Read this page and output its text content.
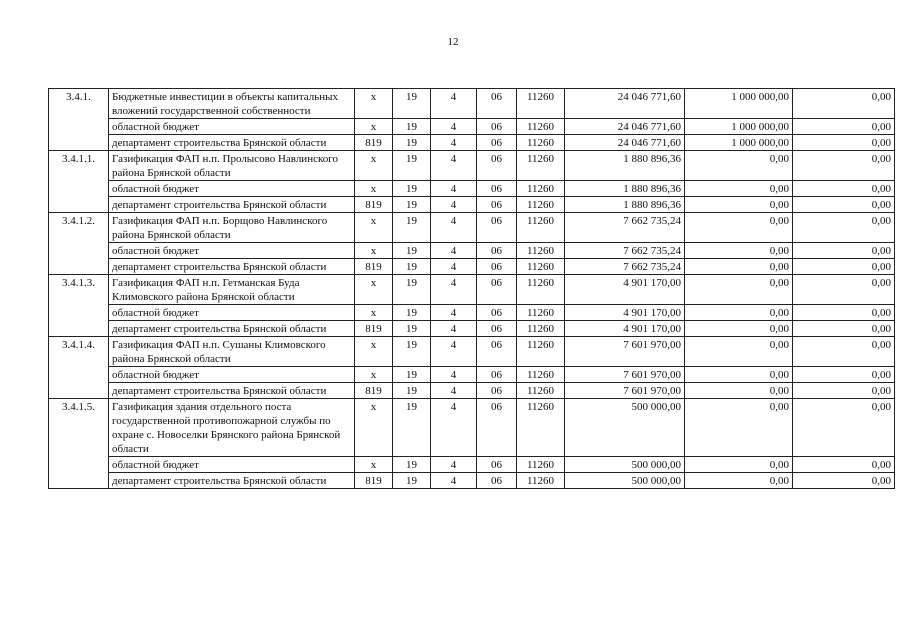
12
3.4.1.	Бюджетные инвестиции в объекты капитальных вложений государственной собственности	х	19	4	06	11260	24 046 771,60	1 000 000,00	0,00
	областной бюджет	х	19	4	06	11260	24 046 771,60	1 000 000,00	0,00
	департамент строительства Брянской области	819	19	4	06	11260	24 046 771,60	1 000 000,00	0,00
3.4.1.1.	Газификация ФАП н.п. Пролысово Навлинского района Брянской области	х	19	4	06	11260	1 880 896,36	0,00	0,00
	областной бюджет	х	19	4	06	11260	1 880 896,36	0,00	0,00
	департамент строительства Брянской области	819	19	4	06	11260	1 880 896,36	0,00	0,00
3.4.1.2.	Газификация ФАП н.п. Борщово Навлинского района Брянской области	х	19	4	06	11260	7 662 735,24	0,00	0,00
	областной бюджет	х	19	4	06	11260	7 662 735,24	0,00	0,00
	департамент строительства Брянской области	819	19	4	06	11260	7 662 735,24	0,00	0,00
3.4.1.3.	Газификация ФАП н.п. Гетманская Буда Климовского района Брянской области	х	19	4	06	11260	4 901 170,00	0,00	0,00
	областной бюджет	х	19	4	06	11260	4 901 170,00	0,00	0,00
	департамент строительства Брянской области	819	19	4	06	11260	4 901 170,00	0,00	0,00
3.4.1.4.	Газификация ФАП н.п. Сушаны Климовского района Брянской области	х	19	4	06	11260	7 601 970,00	0,00	0,00
	областной бюджет	х	19	4	06	11260	7 601 970,00	0,00	0,00
	департамент строительства Брянской области	819	19	4	06	11260	7 601 970,00	0,00	0,00
3.4.1.5.	Газификация здания отдельного поста государственной противопожарной службы по охране с. Новоселки Брянского района Брянской области	х	19	4	06	11260	500 000,00	0,00	0,00
	областной бюджет	х	19	4	06	11260	500 000,00	0,00	0,00
	департамент строительства Брянской области	819	19	4	06	11260	500 000,00	0,00	0,00
